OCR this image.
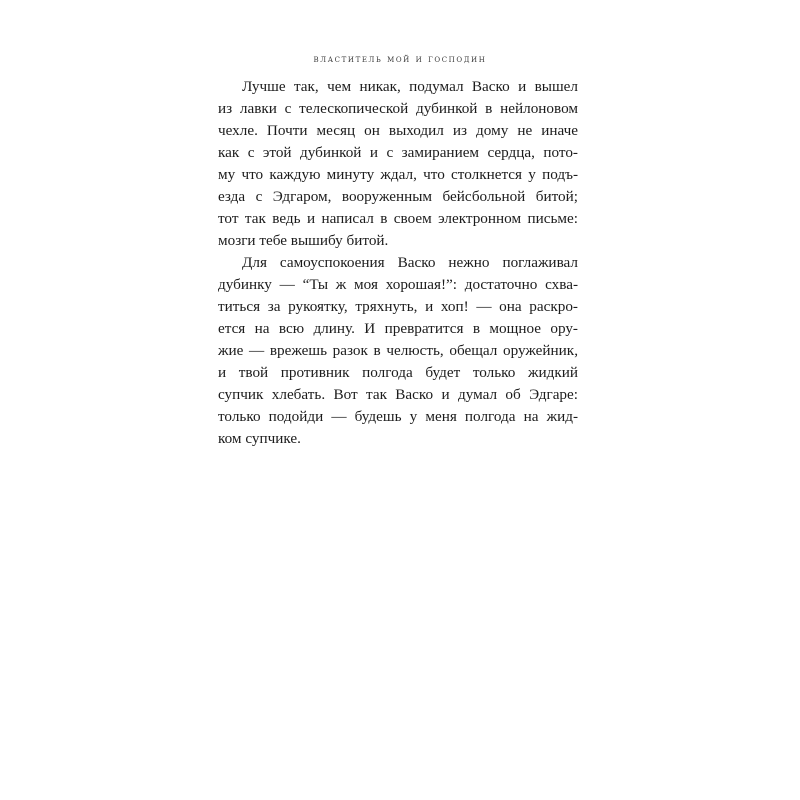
властитель мой и господин
Лучше так, чем никак, подумал Васко и вышел
из лавки с телескопической дубинкой в нейлоновом
чехле. Почти месяц он выходил из дому не иначе
как с этой дубинкой и с замиранием сердца, пото-
му что каждую минуту ждал, что столкнется у подъ-
езда с Эдгаром, вооруженным бейсбольной битой;
тот так ведь и написал в своем электронном письме:
мозги тебе вышибу битой.
Для самоуспокоения Васко нежно поглаживал
дубинку — “Ты ж моя хорошая!”: достаточно схва-
титься за рукоятку, тряхнуть, и хоп! — она раскро-
ется на всю длину. И превратится в мощное ору-
жие — врежешь разок в челюсть, обещал оружейник,
и твой противник полгода будет только жидкий
супчик хлебать. Вот так Васко и думал об Эдгаре:
только подойди — будешь у меня полгода на жид-
ком супчике.
